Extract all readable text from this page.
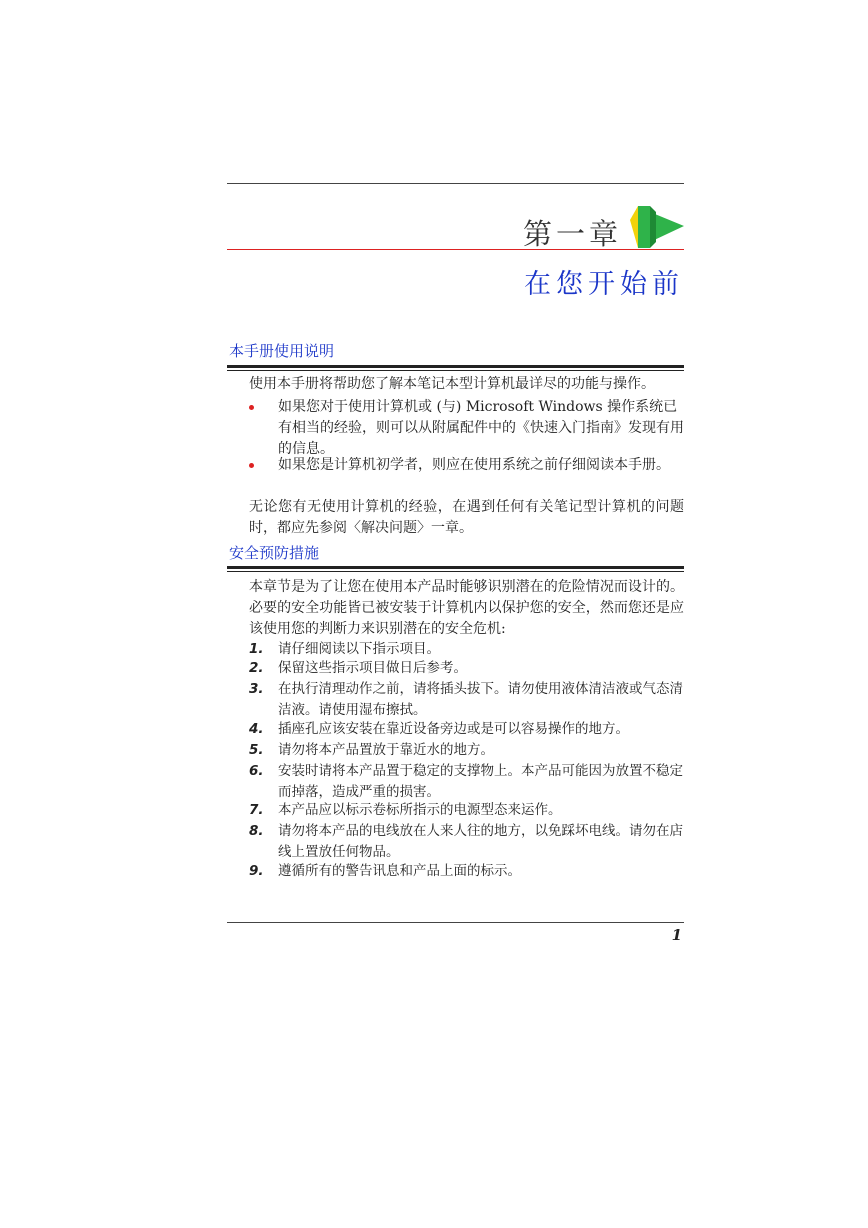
第一章
在您开始前
本手册使用说明
使用本手册将帮助您了解本笔记本型计算机最详尽的功能与操作。
如果您对于使用计算机或 (与) Microsoft Windows 操作系统已有相当的经验，则可以从附属配件中的《快速入门指南》发现有用的信息。
如果您是计算机初学者，则应在使用系统之前仔细阅读本手册。
无论您有无使用计算机的经验，在遇到任何有关笔记型计算机的问题时，都应先参阅〈解决问题〉一章。
安全预防措施
本章节是为了让您在使用本产品时能够识别潜在的危险情况而设计的。必要的安全功能皆已被安装于计算机内以保护您的安全，然而您还是应该使用您的判断力来识别潜在的安全危机:
1. 请仔细阅读以下指示项目。
2. 保留这些指示项目做日后参考。
3. 在执行清理动作之前，请将插头拔下。请勿使用液体清洁液或气态清洁液。请使用湿布擦拭。
4. 插座孔应该安装在靠近设备旁边或是可以容易操作的地方。
5. 请勿将本产品置放于靠近水的地方。
6. 安装时请将本产品置于稳定的支撑物上。本产品可能因为放置不稳定而掉落，造成严重的损害。
7. 本产品应以标示卷标所指示的电源型态来运作。
8. 请勿将本产品的电线放在人来人往的地方，以免踩坏电线。请勿在店线上置放任何物品。
9. 遵循所有的警告讯息和产品上面的标示。
1
